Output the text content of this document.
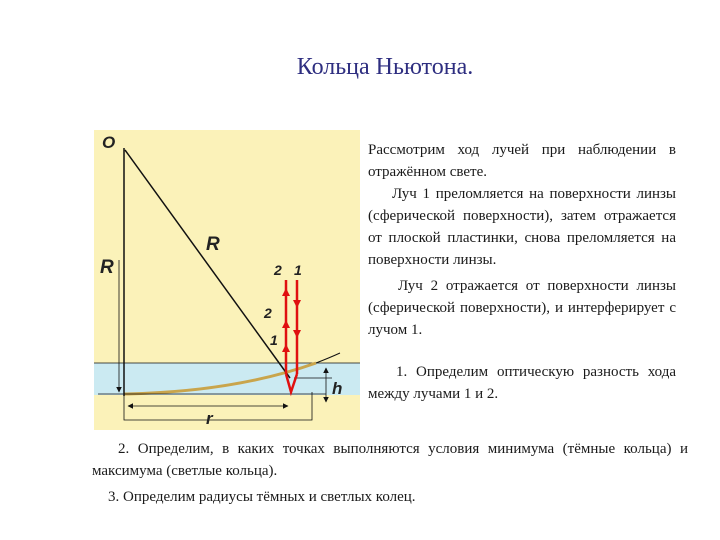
Кольца Ньютона.
O
R
R
2 1
2
1
h
r

Рассмотрим ход лучей при наблюдении в отражённом свете.

Луч 1 преломляется на поверхности линзы (сферической поверхности), затем отражается от плоской пластинки, снова преломляется на поверхности линзы.

Луч 2 отражается от поверхности линзы (сферической поверхности), и интерферирует с лучом 1.

1. Определим оптическую разность хода между лучами 1 и 2.

2. Определим, в каких точках выполняются условия минимума (тёмные кольца) и максимума (светлые кольца).

3. Определим радиусы тёмных и светлых колец.
